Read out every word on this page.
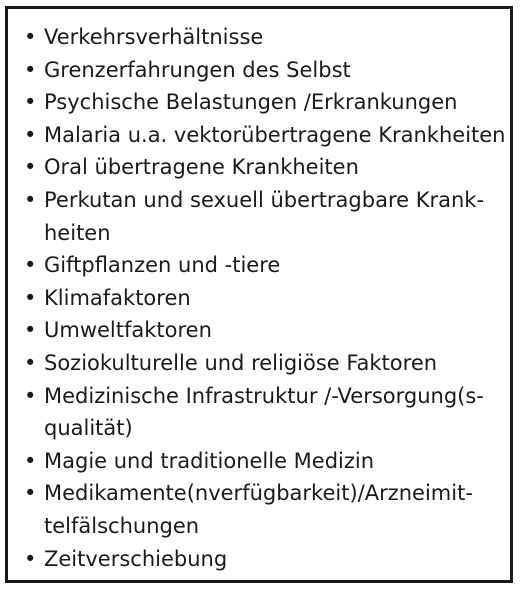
• Verkehrsverhältnisse
• Grenzerfahrungen des Selbst
• Psychische Belastungen /Erkrankungen
• Malaria u.a. vektorübertragene Krankheiten
• Oral übertragene Krankheiten
• Perkutan und sexuell übertragbare Krank-
heiten
• Giftpflanzen und -tiere
• Klimafaktoren
• Umweltfaktoren
• Soziokulturelle und religiöse Faktoren
• Medizinische Infrastruktur /-Versorgung(s-
qualität)
• Magie und traditionelle Medizin
• Medikamente(nverfügbarkeit)/Arzneimit-
telfälschungen
• Zeitverschiebung
